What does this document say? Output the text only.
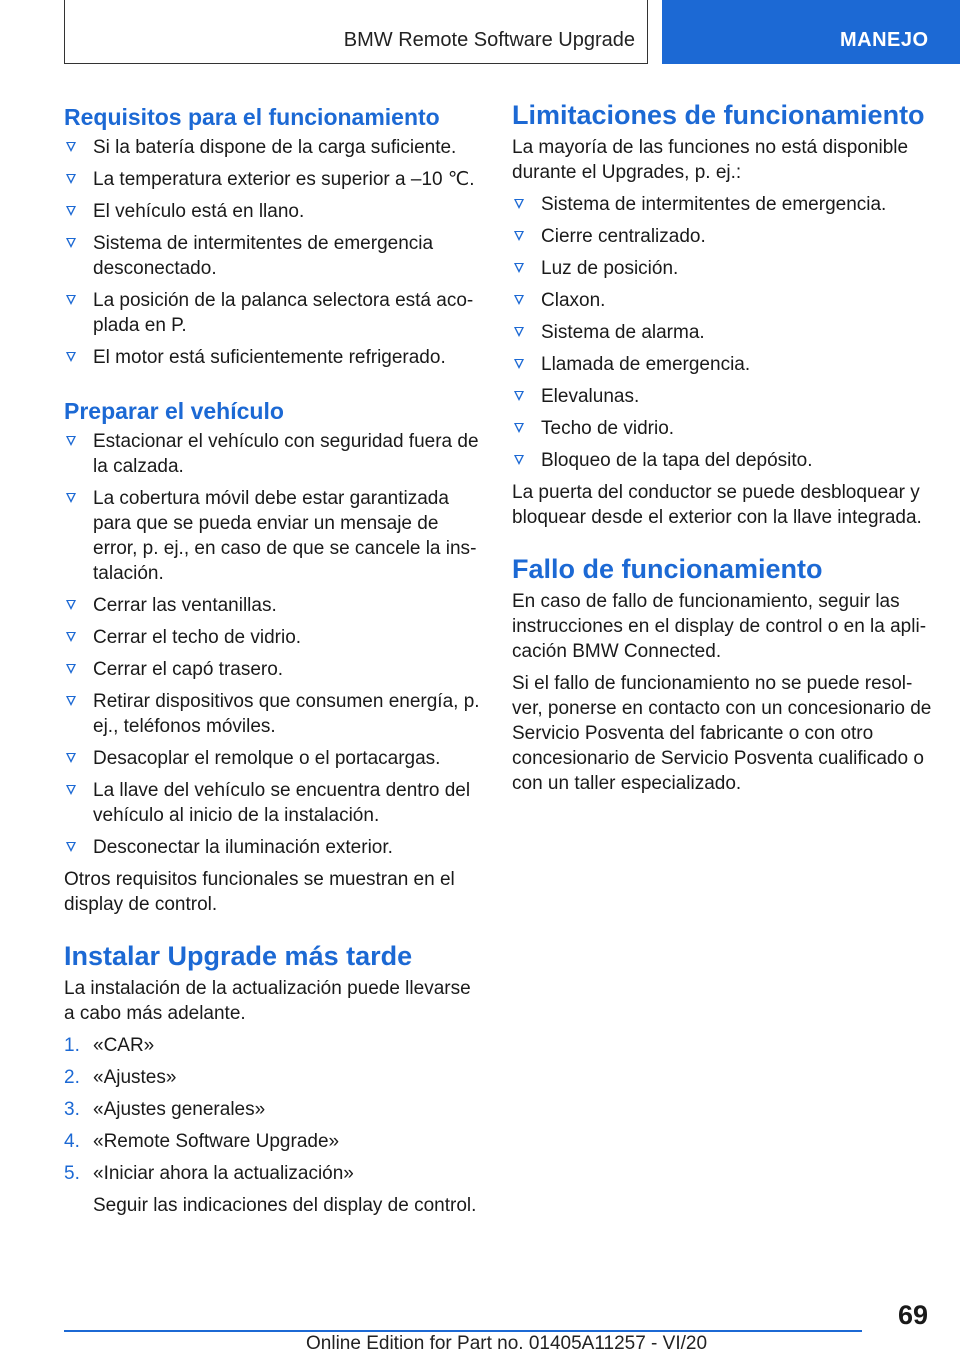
BMW Remote Software Upgrade	MANEJO
Requisitos para el funcionamiento
Si la batería dispone de la carga suficiente.
La temperatura exterior es superior a ‒10 ℃.
El vehículo está en llano.
Sistema de intermitentes de emergencia desconectado.
La posición de la palanca selectora está acoplada en P.
El motor está suficientemente refrigerado.
Preparar el vehículo
Estacionar el vehículo con seguridad fuera de la calzada.
La cobertura móvil debe estar garantizada para que se pueda enviar un mensaje de error, p. ej., en caso de que se cancele la instalación.
Cerrar las ventanillas.
Cerrar el techo de vidrio.
Cerrar el capó trasero.
Retirar dispositivos que consumen energía, p. ej., teléfonos móviles.
Desacoplar el remolque o el portacargas.
La llave del vehículo se encuentra dentro del vehículo al inicio de la instalación.
Desconectar la iluminación exterior.

Otros requisitos funcionales se muestran en el display de control.

Instalar Upgrade más tarde

La instalación de la actualización puede llevarse a cabo más adelante.

1. «CAR»
2. «Ajustes»
3. «Ajustes generales»
4. «Remote Software Upgrade»
5. «Iniciar ahora la actualización»
Seguir las indicaciones del display de control.
Limitaciones de funcionamiento

La mayoría de las funciones no está disponible durante el Upgrades, p. ej.:

Sistema de intermitentes de emergencia.
Cierre centralizado.
Luz de posición.
Claxon.
Sistema de alarma.
Llamada de emergencia.
Elevalunas.
Techo de vidrio.
Bloqueo de la tapa del depósito.

La puerta del conductor se puede desbloquear y bloquear desde el exterior con la llave integrada.

Fallo de funcionamiento

En caso de fallo de funcionamiento, seguir las instrucciones en el display de control o en la aplicación BMW Connected.

Si el fallo de funcionamiento no se puede resolver, ponerse en contacto con un concesionario de Servicio Posventa del fabricante o con otro concesionario de Servicio Posventa cualificado o con un taller especializado.

69
Online Edition for Part no. 01405A11257 - VI/20
